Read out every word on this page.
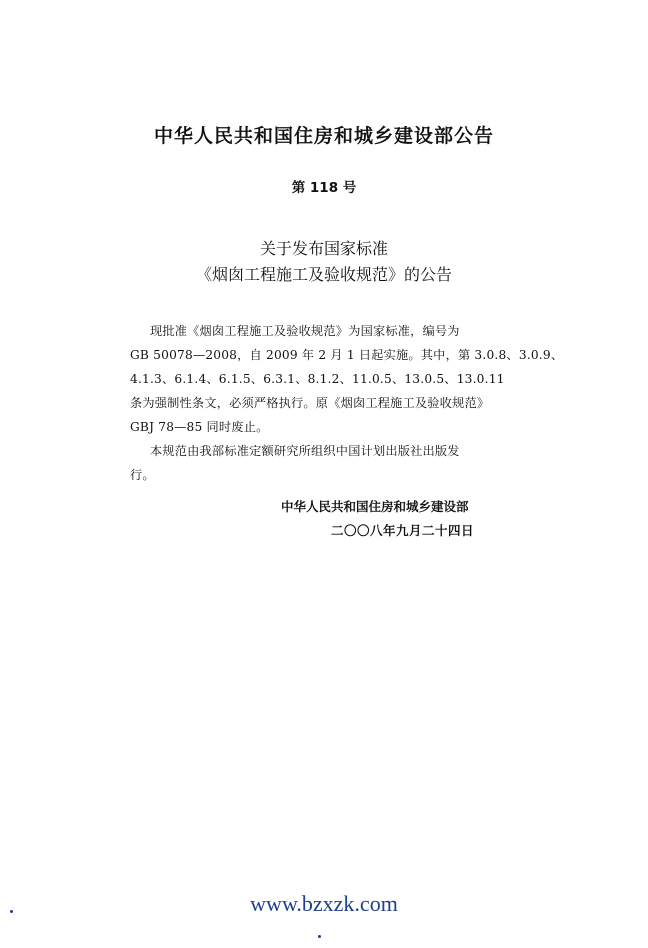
中华人民共和国住房和城乡建设部公告
第 118 号
关于发布国家标准
《烟囱工程施工及验收规范》的公告
现批准《烟囱工程施工及验收规范》为国家标准，编号为
GB 50078—2008，自 2009 年 2 月 1 日起实施。其中，第 3.0.8、3.0.9、
4.1.3、6.1.4、6.1.5、6.3.1、8.1.2、11.0.5、13.0.5、13.0.11
条为强制性条文，必须严格执行。原《烟囱工程施工及验收规范》
GBJ 78—85 同时废止。
本规范由我部标准定额研究所组织中国计划出版社出版发
行。
中华人民共和国住房和城乡建设部
二〇〇八年九月二十四日
www.bzxzk.com
